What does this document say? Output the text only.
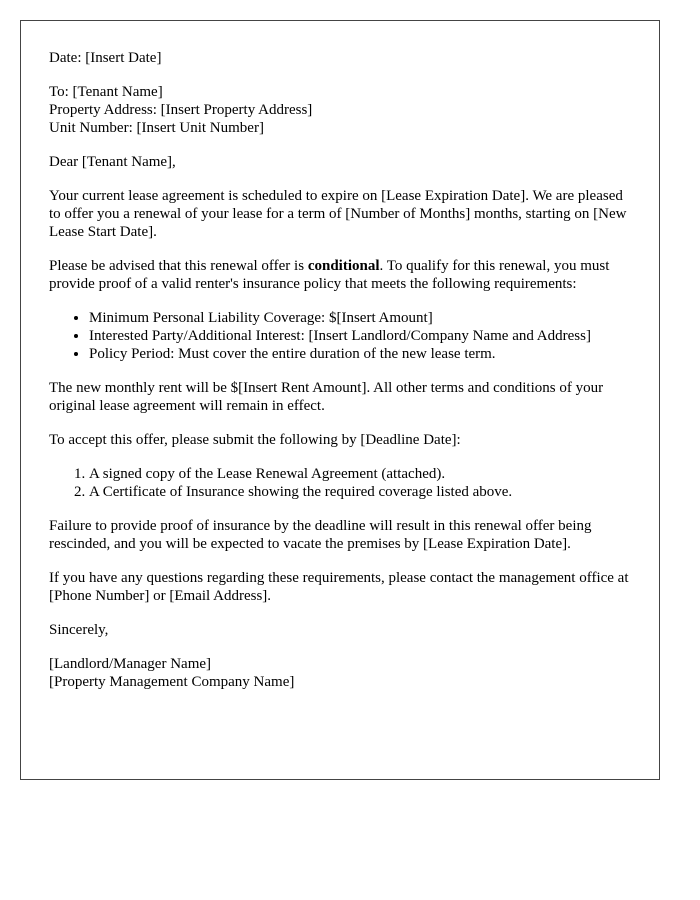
Date: [Insert Date]

To: [Tenant Name]
Property Address: [Insert Property Address]
Unit Number: [Insert Unit Number]

Dear [Tenant Name],

Your current lease agreement is scheduled to expire on [Lease Expiration Date]. We are pleased to offer you a renewal of your lease for a term of [Number of Months] months, starting on [New Lease Start Date].

Please be advised that this renewal offer is conditional. To qualify for this renewal, you must provide proof of a valid renter's insurance policy that meets the following requirements:

• Minimum Personal Liability Coverage: $[Insert Amount]
• Interested Party/Additional Interest: [Insert Landlord/Company Name and Address]
• Policy Period: Must cover the entire duration of the new lease term.

The new monthly rent will be $[Insert Rent Amount]. All other terms and conditions of your original lease agreement will remain in effect.

To accept this offer, please submit the following by [Deadline Date]:

1. A signed copy of the Lease Renewal Agreement (attached).
2. A Certificate of Insurance showing the required coverage listed above.

Failure to provide proof of insurance by the deadline will result in this renewal offer being rescinded, and you will be expected to vacate the premises by [Lease Expiration Date].

If you have any questions regarding these requirements, please contact the management office at [Phone Number] or [Email Address].

Sincerely,

[Landlord/Manager Name]
[Property Management Company Name]
